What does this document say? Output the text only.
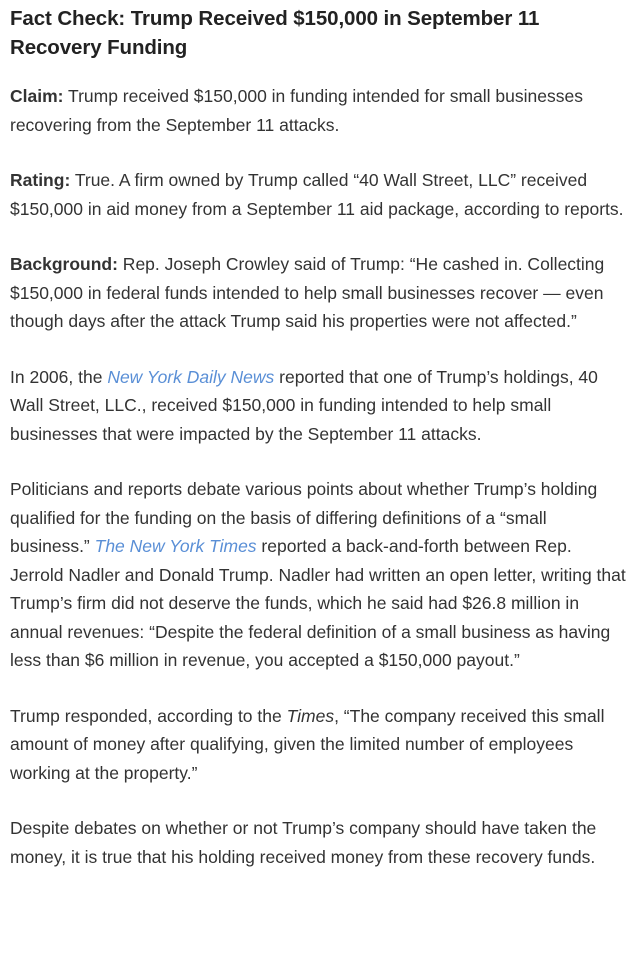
Fact Check: Trump Received $150,000 in September 11 Recovery Funding

Claim: Trump received $150,000 in funding intended for small businesses recovering from the September 11 attacks.

Rating: True. A firm owned by Trump called “40 Wall Street, LLC” received $150,000 in aid money from a September 11 aid package, according to reports.

Background: Rep. Joseph Crowley said of Trump: “He cashed in. Collecting $150,000 in federal funds intended to help small businesses recover — even though days after the attack Trump said his properties were not affected.”

In 2006, the New York Daily News reported that one of Trump’s holdings, 40 Wall Street, LLC., received $150,000 in funding intended to help small businesses that were impacted by the September 11 attacks.

Politicians and reports debate various points about whether Trump’s holding qualified for the funding on the basis of differing definitions of a “small business.” The New York Times reported a back-and-forth between Rep. Jerrold Nadler and Donald Trump. Nadler had written an open letter, writing that Trump’s firm did not deserve the funds, which he said had $26.8 million in annual revenues: “Despite the federal definition of a small business as having less than $6 million in revenue, you accepted a $150,000 payout.”

Trump responded, according to the Times, “The company received this small amount of money after qualifying, given the limited number of employees working at the property.”

Despite debates on whether or not Trump’s company should have taken the money, it is true that his holding received money from these recovery funds.
